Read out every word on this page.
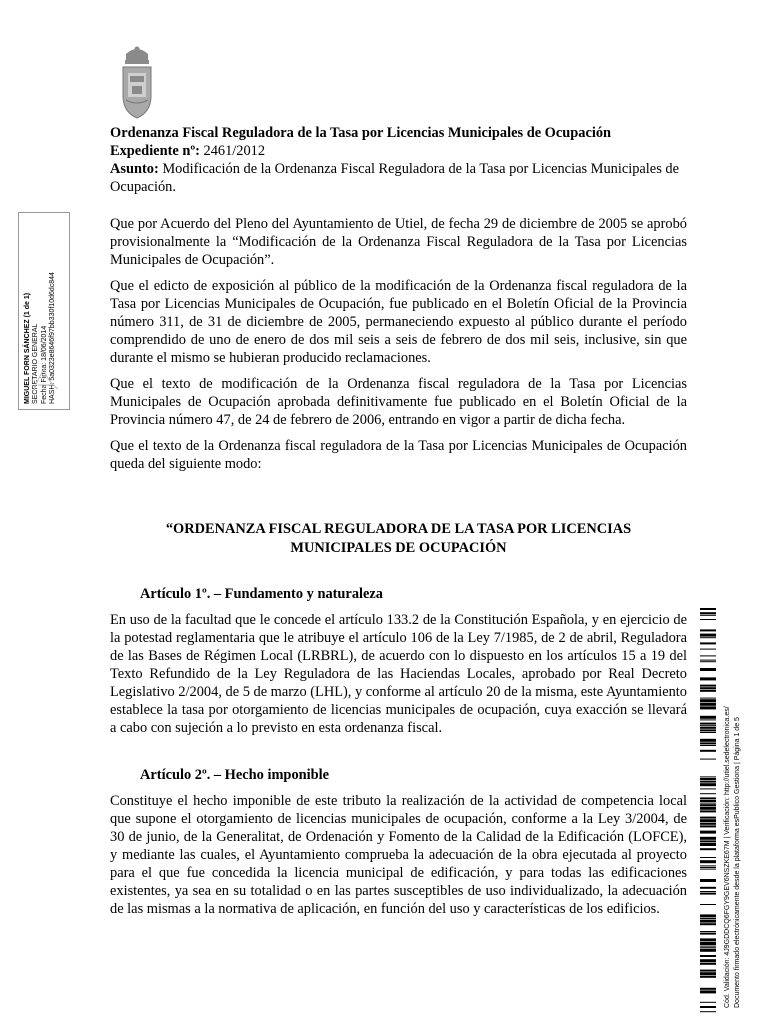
MIGUEL FORN SÁNCHEZ (1 de 1) SECRETARIO GENERAL Fecha Firma: 18/06/2014 HASH: 5a0323e8646f97bb330f10d6dc844

Ordenanza Fiscal Reguladora de la Tasa por Licencias Municipales de Ocupación

Expediente nº: 2461/2012

Asunto: Modificación de la Ordenanza Fiscal Reguladora de la Tasa por Licencias Municipales de Ocupación.

Que por Acuerdo del Pleno del Ayuntamiento de Utiel, de fecha 29 de diciembre de 2005 se aprobó provisionalmente la “Modificación de la Ordenanza Fiscal Reguladora de la Tasa por Licencias Municipales de Ocupación”.

Que el edicto de exposición al público de la modificación de la Ordenanza fiscal reguladora de la Tasa por Licencias Municipales de Ocupación, fue publicado en el Boletín Oficial de la Provincia número 311, de 31 de diciembre de 2005, permaneciendo expuesto al público durante el período comprendido de uno de enero de dos mil seis a seis de febrero de dos mil seis, inclusive, sin que durante el mismo se hubieran producido reclamaciones.

Que el texto de modificación de la Ordenanza fiscal reguladora de la Tasa por Licencias Municipales de Ocupación aprobada definitivamente fue publicado en el Boletín Oficial de la Provincia número 47, de 24 de febrero de 2006, entrando en vigor a partir de dicha fecha.

Que el texto de la Ordenanza fiscal reguladora de la Tasa por Licencias Municipales de Ocupación queda del siguiente modo:

“ORDENANZA FISCAL REGULADORA DE LA TASA POR LICENCIAS MUNICIPALES DE OCUPACIÓN

Artículo 1º. – Fundamento y naturaleza

En uso de la facultad que le concede el artículo 133.2 de la Constitución Española, y en ejercicio de la potestad reglamentaria que le atribuye el artículo 106 de la Ley 7/1985, de 2 de abril, Reguladora de las Bases de Régimen Local (LRBRL), de acuerdo con lo dispuesto en los artículos 15 a 19 del Texto Refundido de la Ley Reguladora de las Haciendas Locales, aprobado por Real Decreto Legislativo 2/2004, de 5 de marzo (LHL), y conforme al artículo 20 de la misma, este Ayuntamiento establece la tasa por otorgamiento de licencias municipales de ocupación, cuya exacción se llevará a cabo con sujeción a lo previsto en esta ordenanza fiscal.

Artículo 2º. – Hecho imponible

Constituye el hecho imponible de este tributo la realización de la actividad de competencia local que supone el otorgamiento de licencias municipales de ocupación, conforme a la Ley 3/2004, de 30 de junio, de la Generalitat, de Ordenación y Fomento de la Calidad de la Edificación (LOFCE), y mediante las cuales, el Ayuntamiento comprueba la adecuación de la obra ejecutada al proyecto para el que fue concedida la licencia municipal de edificación, y para todas las edificaciones existentes, ya sea en su totalidad o en las partes susceptibles de uso individualizado, la adecuación de las mismas a la normativa de aplicación, en función del uso y características de los edificios.	Cód. Validación: 4J9GDDCQ6FGY9GEV6NSZKE67M | Verificación: http://utiel.sedelectronica.es/ Documento firmado electrónicamente desde la plataforma esPublico Gestiona | Página 1 de 5
